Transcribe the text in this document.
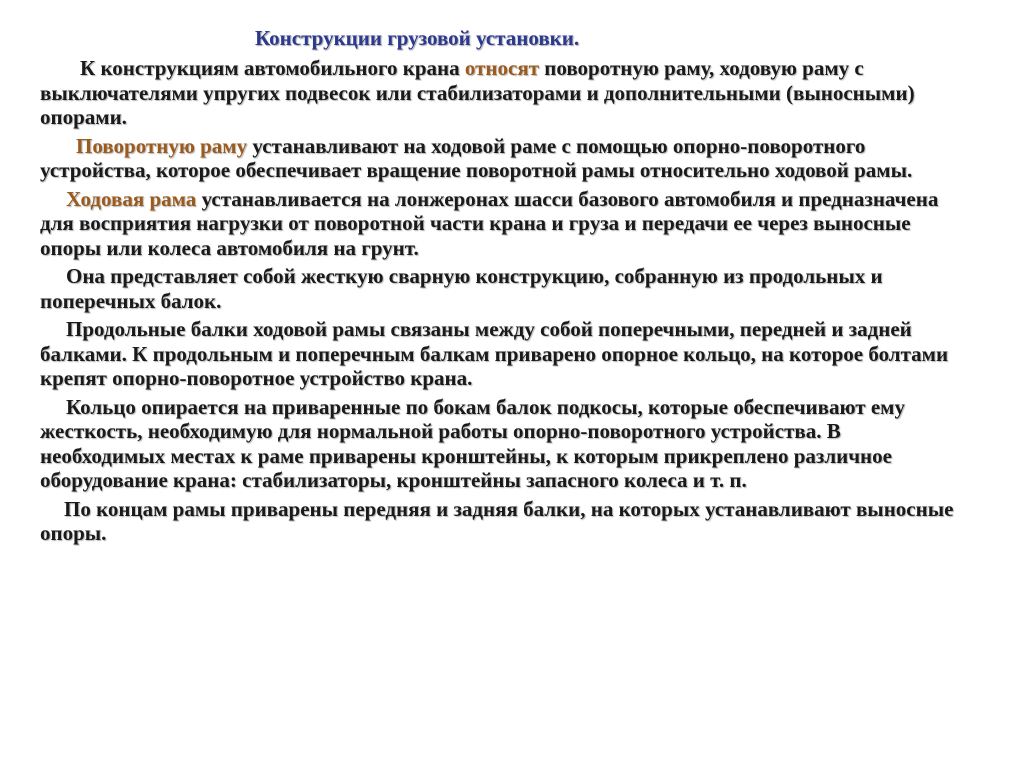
Конструкции грузовой установки.

К конструкциям автомобильного крана относят поворотную раму, ходовую раму с выключателями упругих подвесок или стабилизаторами и дополнительными (выносными) опорами.

Поворотную раму устанавливают на ходовой раме с помощью опорно-поворотного устройства, которое обеспечивает вращение поворотной рамы относительно ходовой рамы.

Ходовая рама устанавливается на лонжеронах шасси базового автомобиля и предназначена для восприятия нагрузки от поворотной части крана и груза и передачи ее через выносные опоры или колеса автомобиля на грунт.

Она представляет собой жесткую сварную конструкцию, собранную из продольных и поперечных балок.

Продольные балки ходовой рамы связаны между собой поперечными, передней и задней балками. К продольным и поперечным балкам приварено опорное кольцо, на которое болтами крепят опорно-поворотное устройство крана.

Кольцо опирается на приваренные по бокам балок подкосы, которые обеспечивают ему жесткость, необходимую для нормальной работы опорно-поворотного устройства. В необходимых местах к раме приварены кронштейны, к которым прикреплено различное оборудование крана: стабилизаторы, кронштейны запасного колеса и т. п.

По концам рамы приварены передняя и задняя балки, на которых устанавливают выносные опоры.
